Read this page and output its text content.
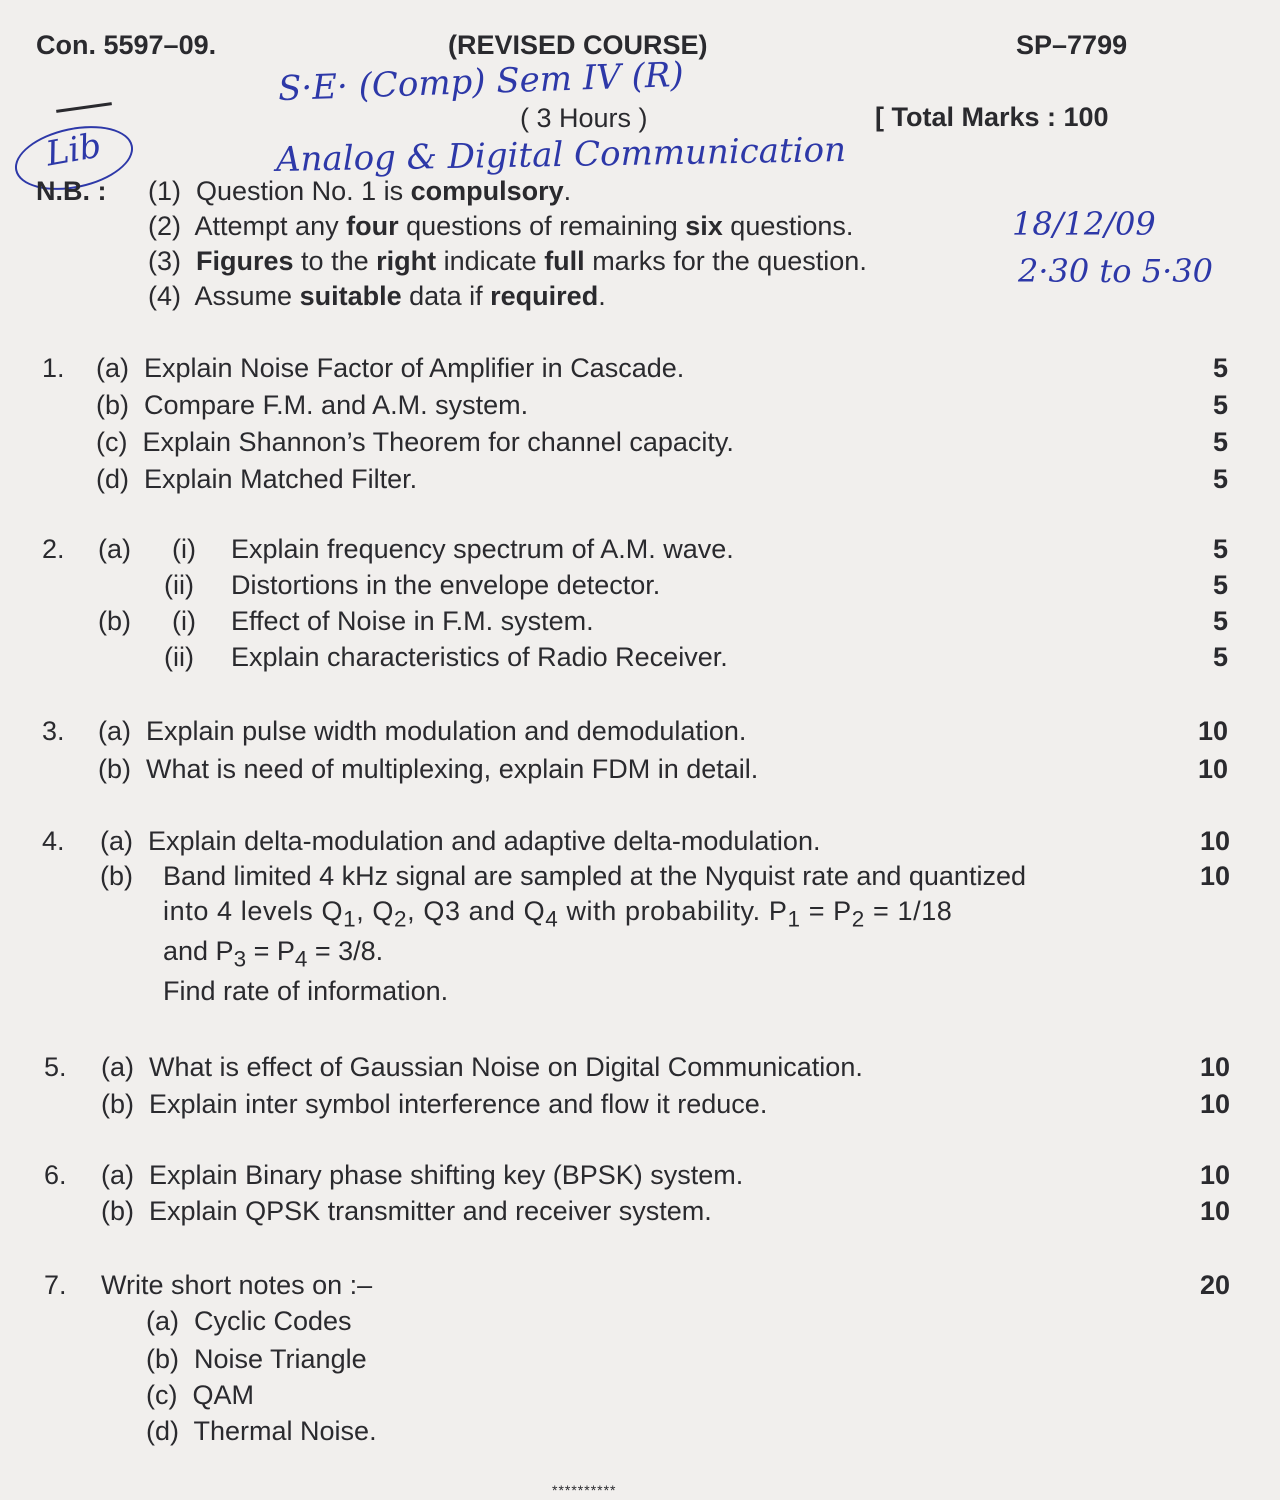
Con. 5597–09.	(REVISED COURSE)	SP–7799
S·E· (Comp) Sem IV (R)
( 3 Hours )	[ Total Marks : 100
Lib	Analog & Digital Communication
N.B. : (1) Question No. 1 is compulsory.
(2) Attempt any four questions of remaining six questions.
(3) Figures to the right indicate full marks for the question.
(4) Assume suitable data if required.
18/12/09
2·30 to 5·30
1. (a) Explain Noise Factor of Amplifier in Cascade.	5
(b) Compare F.M. and A.M. system.	5
(c) Explain Shannon’s Theorem for channel capacity.	5
(d) Explain Matched Filter.	5
2. (a) (i) Explain frequency spectrum of A.M. wave.	5
(ii) Distortions in the envelope detector.	5
(b) (i) Effect of Noise in F.M. system.	5
(ii) Explain characteristics of Radio Receiver.	5
3. (a) Explain pulse width modulation and demodulation.	10
(b) What is need of multiplexing, explain FDM in detail.	10
4. (a) Explain delta-modulation and adaptive delta-modulation.	10
(b) Band limited 4 kHz signal are sampled at the Nyquist rate and quantized	10
into 4 levels $Q_1$, $Q_2$, Q3 and $Q_4$ with probability. $P_1 = P_2 = 1/18$
and $P_3 = P_4 = 3/8$.
Find rate of information.
5. (a) What is effect of Gaussian Noise on Digital Communication.	10
(b) Explain inter symbol interference and flow it reduce.	10
6. (a) Explain Binary phase shifting key (BPSK) system.	10
(b) Explain QPSK transmitter and receiver system.	10
7. Write short notes on :–	20
(a) Cyclic Codes
(b) Noise Triangle
(c) QAM
(d) Thermal Noise.
**********
